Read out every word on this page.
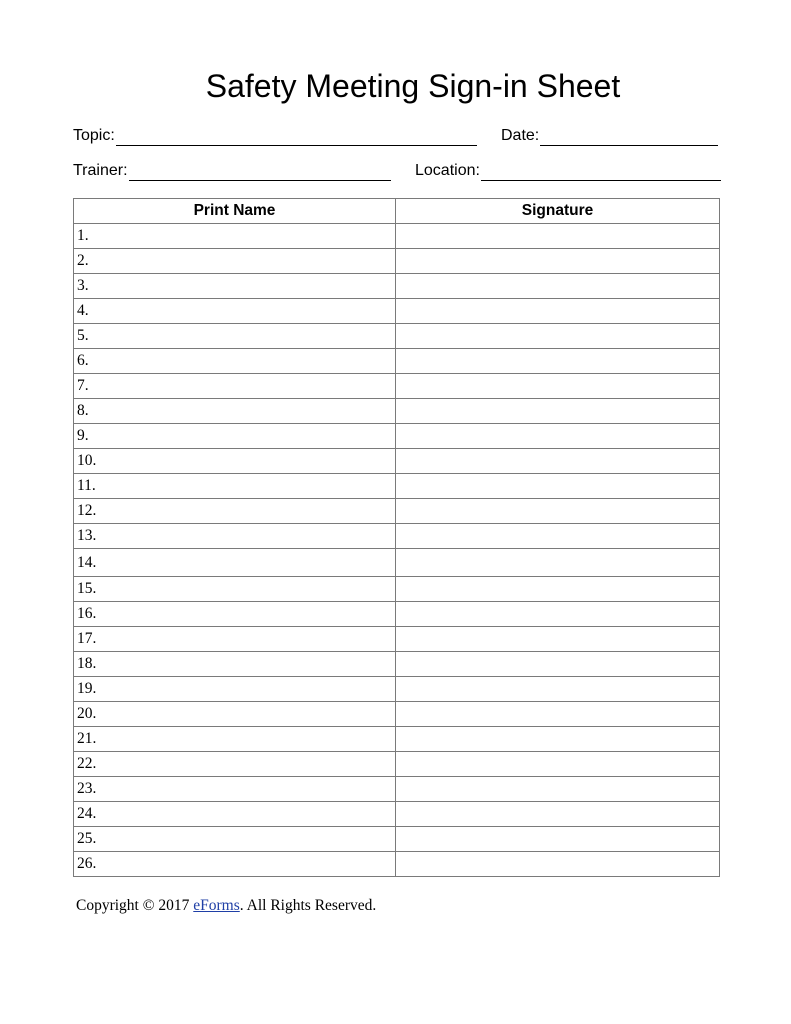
Safety Meeting Sign-in Sheet
Topic:	Date:
Trainer:	Location:
Print Name	Signature
1.	
2.	
3.	
4.	
5.	
6.	
7.	
8.	
9.	
10.	
11.	
12.	
13.	
14.	
15.	
16.	
17.	
18.	
19.	
20.	
21.	
22.	
23.	
24.	
25.	
26.	
Copyright © 2017 eForms. All Rights Reserved.
